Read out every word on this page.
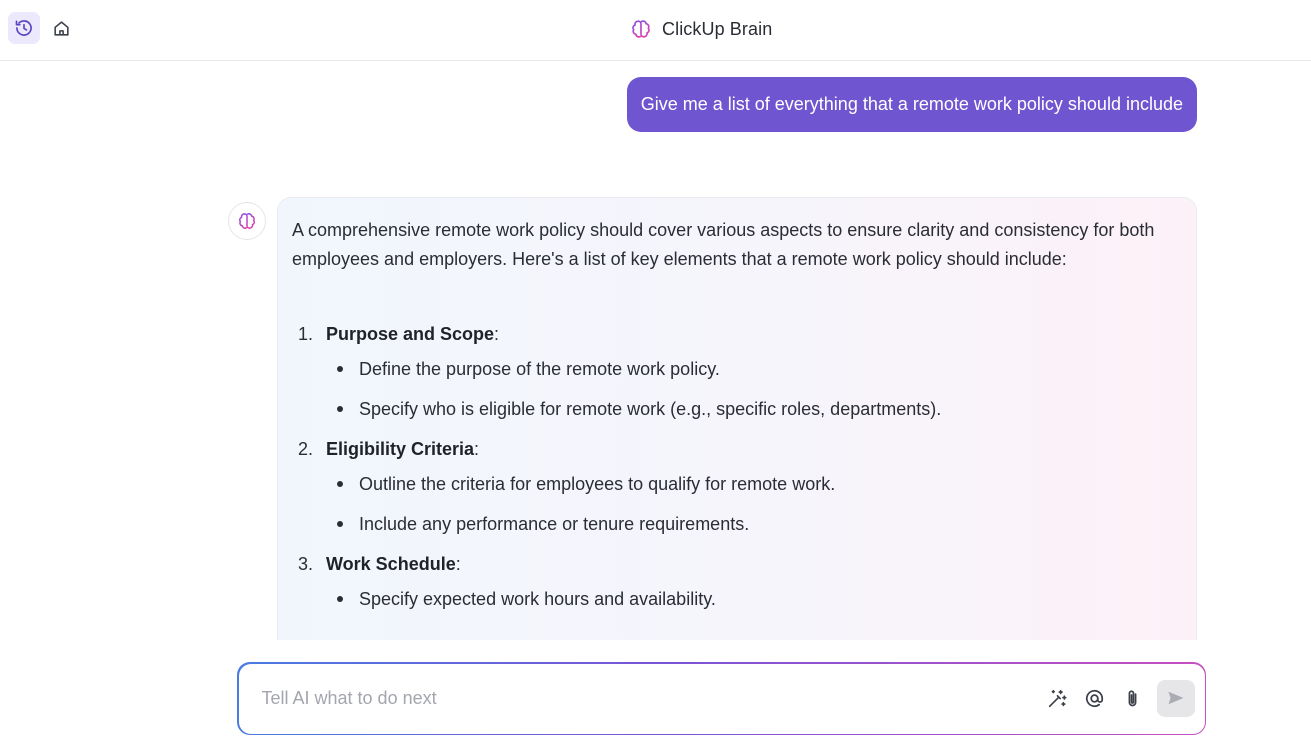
ClickUp Brain
Give me a list of everything that a remote work policy should include

A comprehensive remote work policy should cover various aspects to ensure clarity and consistency for both employees and employers. Here's a list of key elements that a remote work policy should include:

1. Purpose and Scope:
Define the purpose of the remote work policy.
Specify who is eligible for remote work (e.g., specific roles, departments).
2. Eligibility Criteria:
Outline the criteria for employees to qualify for remote work.
Include any performance or tenure requirements.
3. Work Schedule:
Specify expected work hours and availability.
Tell AI what to do next
